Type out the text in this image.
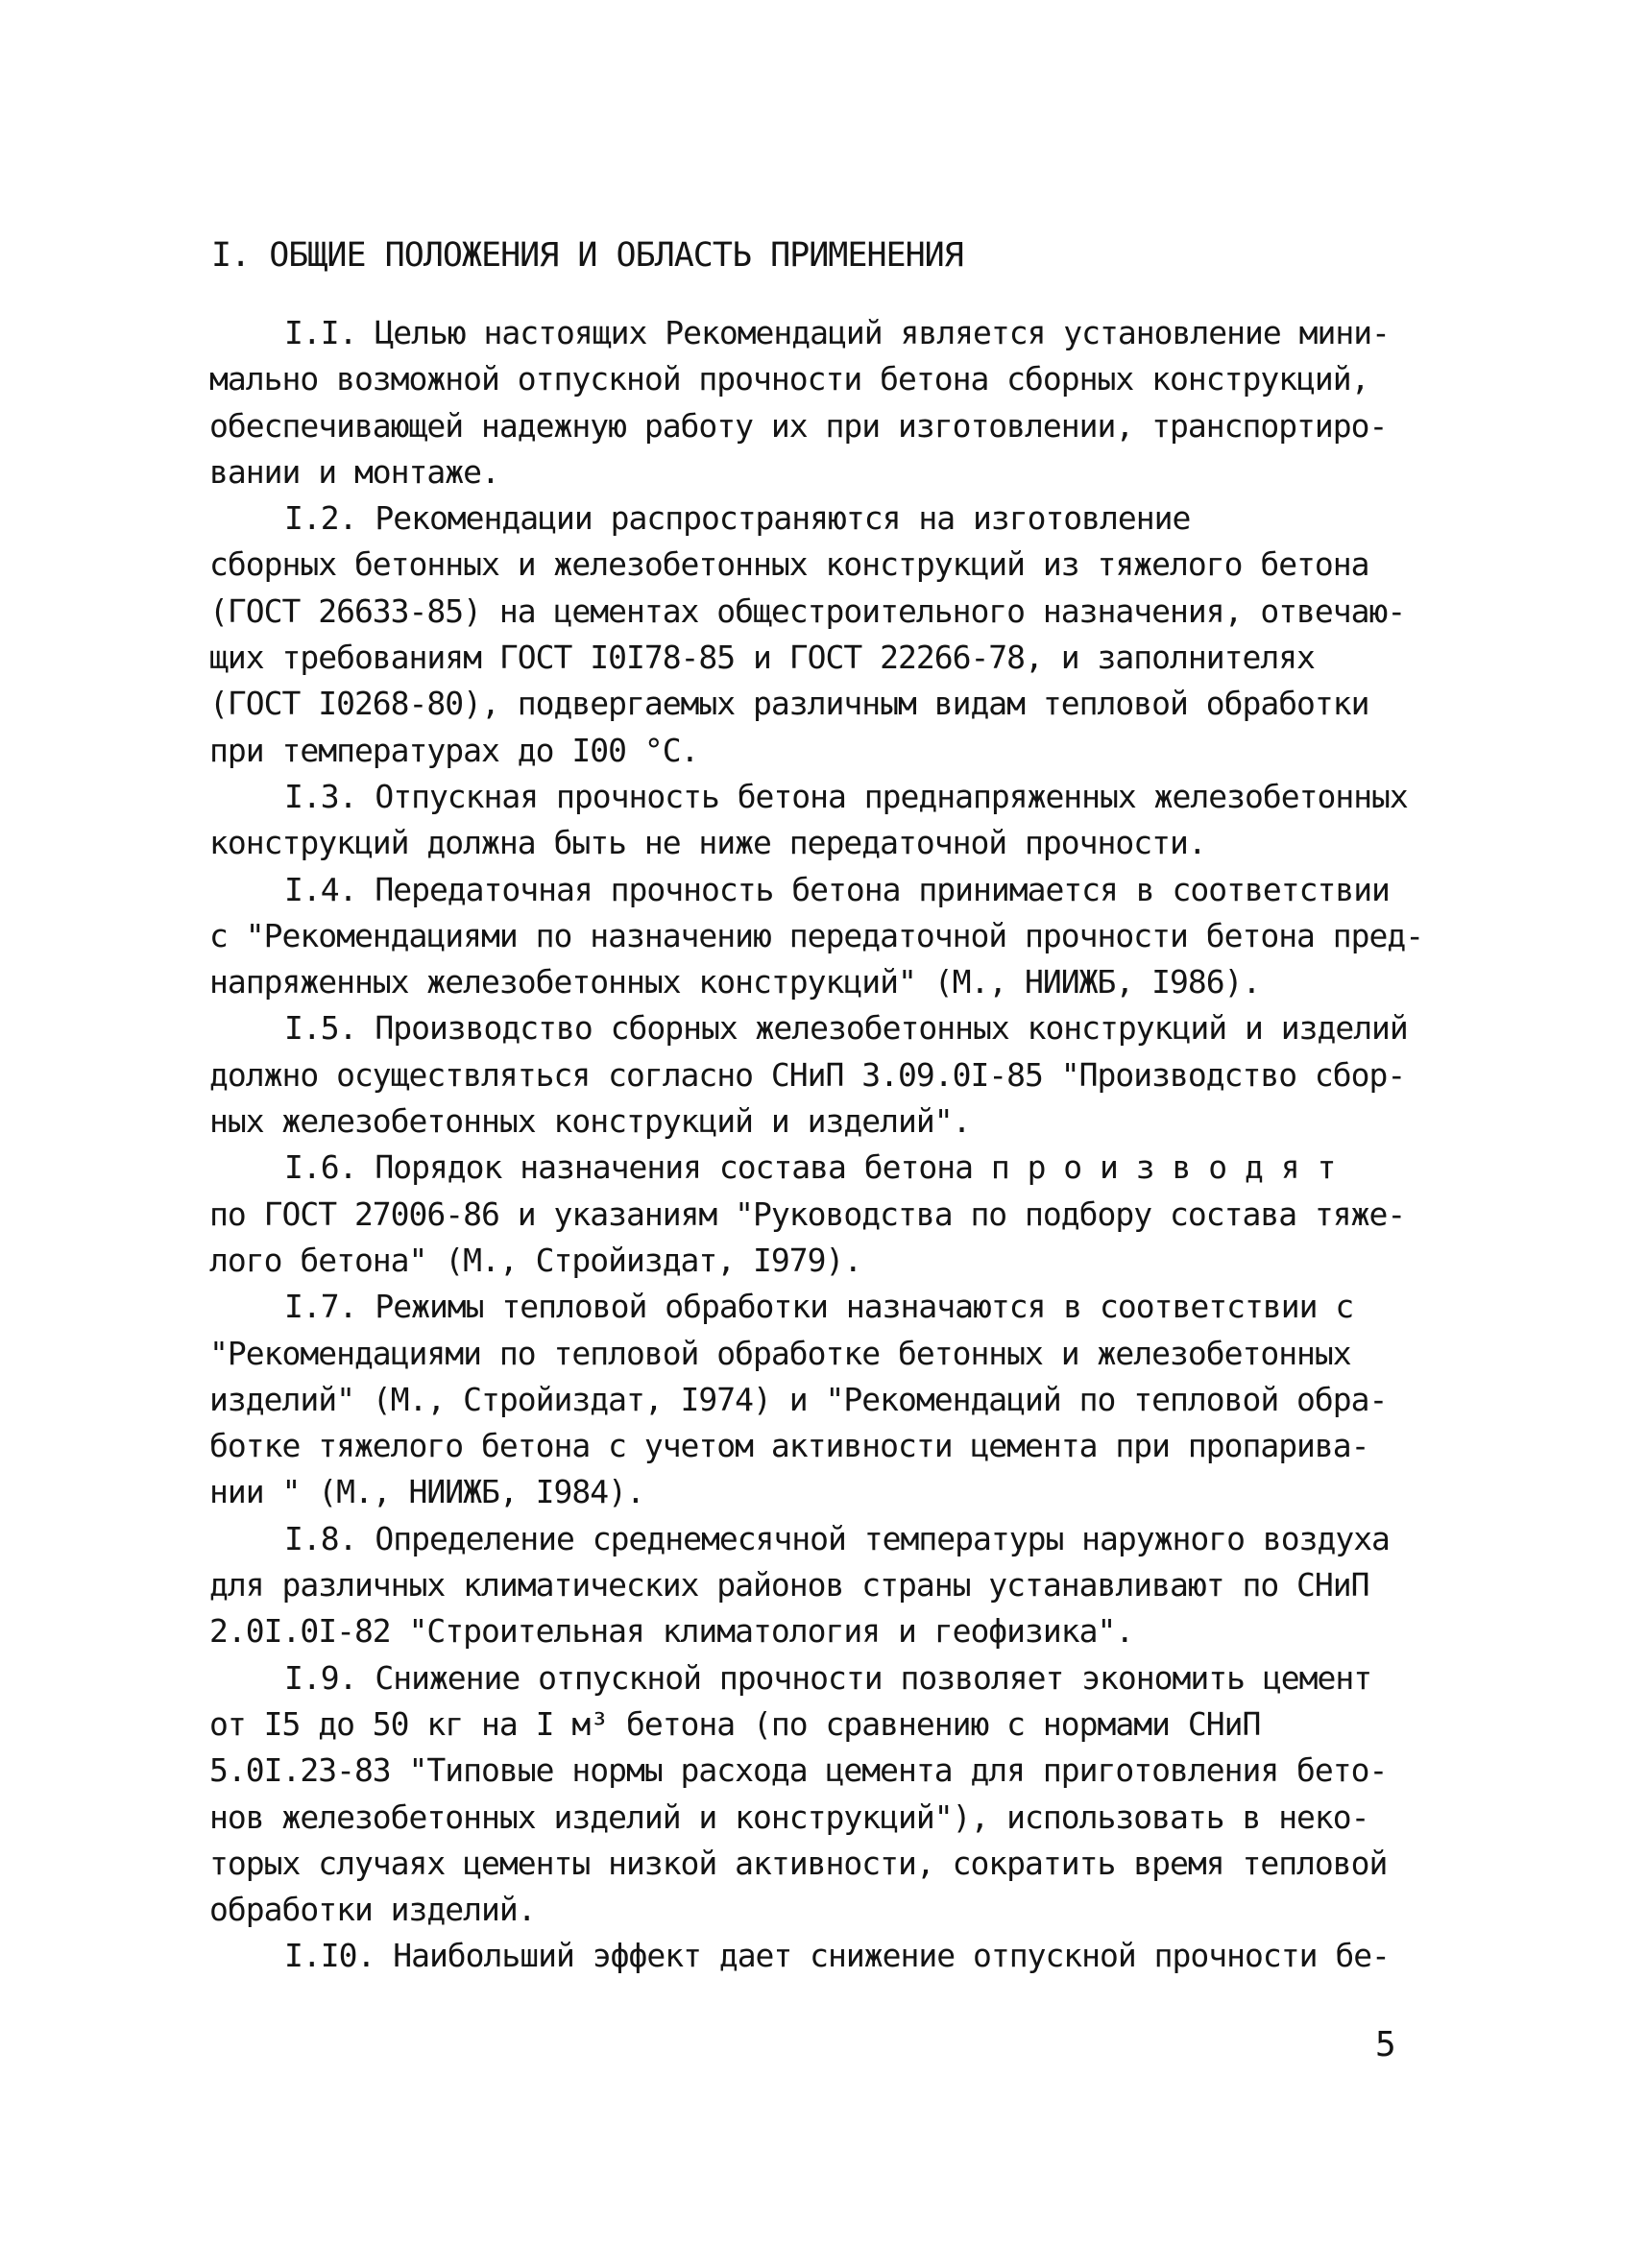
I. ОБЩИЕ ПОЛОЖЕНИЯ И ОБЛАСТЬ ПРИМЕНЕНИЯ
I.I. Целью настоящих Рекомендаций является установление мини-
мально возможной отпускной прочности бетона сборных конструкций,
обеспечивающей надежную работу их при изготовлении, транспортиро-
вании и монтаже.
I.2. Рекомендации распространяются на изготовление
сборных бетонных и железобетонных конструкций из тяжелого бетона
(ГОСТ 26633-85) на цементах общестроительного назначения, отвечаю-
щих требованиям ГОСТ I0I78-85 и ГОСТ 22266-78, и заполнителях
(ГОСТ I0268-80), подвергаемых различным видам тепловой обработки
при температурах до I00 °С.
I.3. Отпускная прочность бетона преднапряженных железобетонных
конструкций должна быть не ниже передаточной прочности.
I.4. Передаточная прочность бетона принимается в соответствии
с "Рекомендациями по назначению передаточной прочности бетона пред-
напряженных железобетонных конструкций" (М., НИИЖБ, I986).
I.5. Производство сборных железобетонных конструкций и изделий
должно осуществляться согласно СНиП 3.09.0I-85 "Производство сбор-
ных железобетонных конструкций и изделий".
I.6. Порядок назначения состава бетона п р о и з в о д я т
по ГОСТ 27006-86 и указаниям "Руководства по подбору состава тяже-
лого бетона" (М., Стройиздат, I979).
I.7. Режимы тепловой обработки назначаются в соответствии с
"Рекомендациями по тепловой обработке бетонных и железобетонных
изделий" (М., Стройиздат, I974) и "Рекомендаций по тепловой обра-
ботке тяжелого бетона с учетом активности цемента при пропарива-
нии " (М., НИИЖБ, I984).
I.8. Определение среднемесячной температуры наружного воздуха
для различных климатических районов страны устанавливают по СНиП
2.0I.0I-82 "Строительная климатология и геофизика".
I.9. Снижение отпускной прочности позволяет экономить цемент
от I5 до 50 кг на I м³ бетона (по сравнению с нормами СНиП
5.0I.23-83 "Типовые нормы расхода цемента для приготовления бето-
нов железобетонных изделий и конструкций"), использовать в неко-
торых случаях цементы низкой активности, сократить время тепловой
обработки изделий.
I.I0. Наибольший эффект дает снижение отпускной прочности бе-
5
